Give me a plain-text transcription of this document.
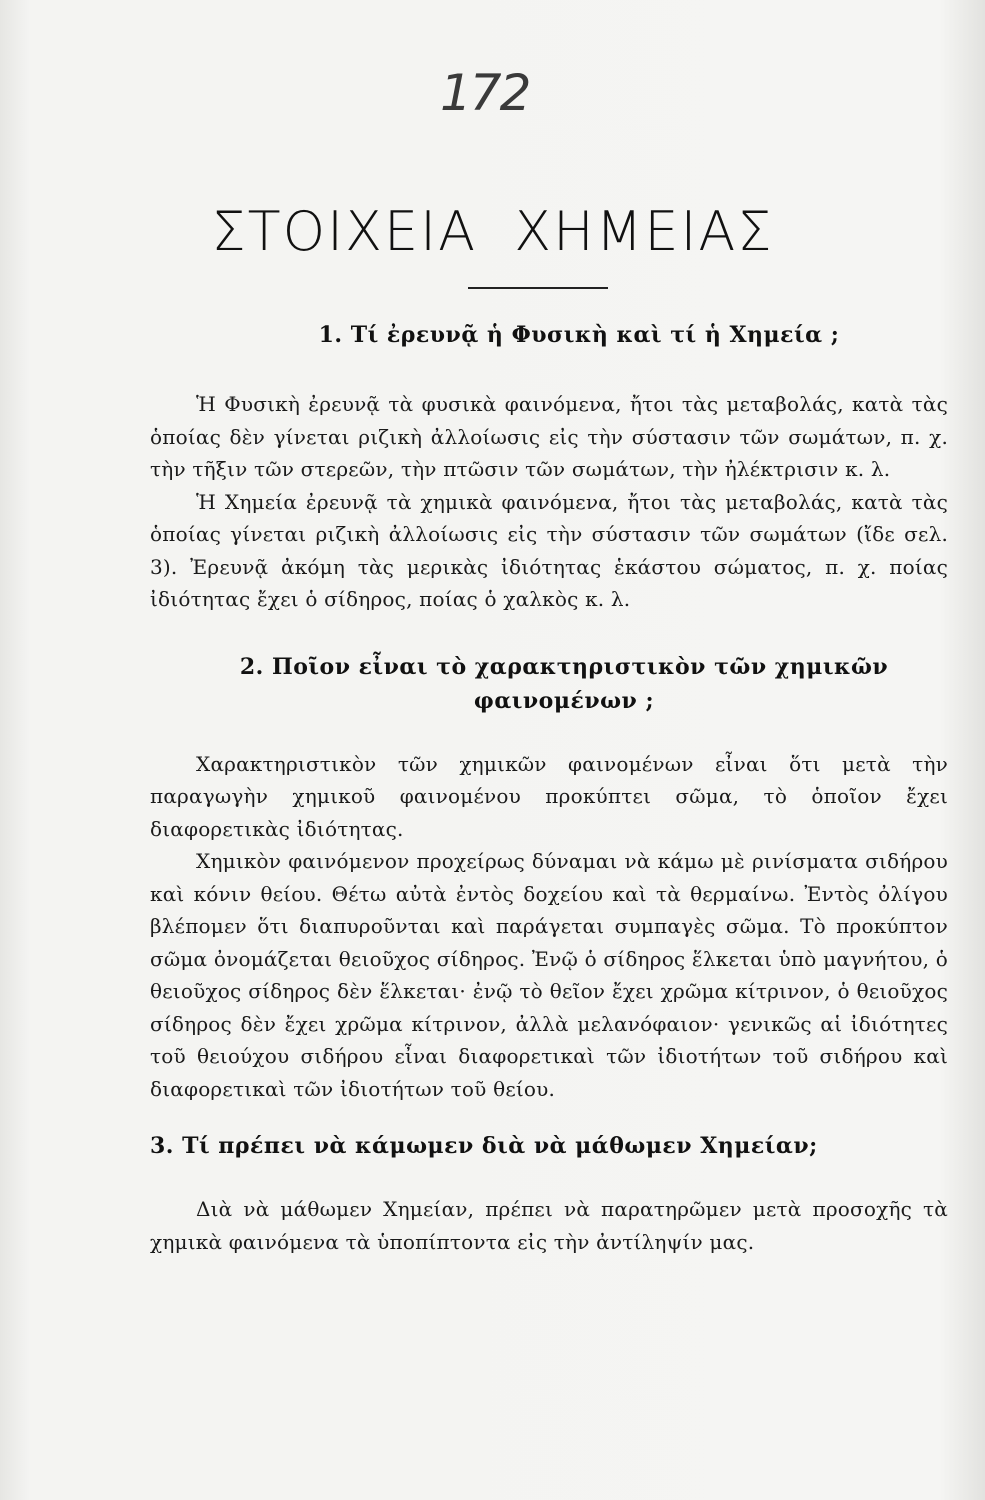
172
ΣΤΟΙΧΕΙΑ ΧΗΜΕΙΑΣ
1. Τί ἐρευνᾷ ἡ Φυσικὴ καὶ τί ἡ Χημεία ;

Ἡ Φυσικὴ ἐρευνᾷ τὰ φυσικὰ φαινόμενα, ἤτοι τὰς μεταβολάς, κατὰ τὰς ὁποίας δὲν γίνεται ριζικὴ ἀλλοίωσις εἰς τὴν σύστασιν τῶν σωμάτων, π. χ. τὴν τῆξιν τῶν στερεῶν, τὴν πτῶσιν τῶν σωμάτων, τὴν ἠλέκτρισιν κ. λ.

Ἡ Χημεία ἐρευνᾷ τὰ χημικὰ φαινόμενα, ἤτοι τὰς μεταβολάς, κατὰ τὰς ὁποίας γίνεται ριζικὴ ἀλλοίωσις εἰς τὴν σύστασιν τῶν σωμάτων (ἴδε σελ. 3). Ἐρευνᾷ ἀκόμη τὰς μερικὰς ἰδιότητας ἑκάστου σώματος, π. χ. ποίας ἰδιότητας ἔχει ὁ σίδηρος, ποίας ὁ χαλκὸς κ. λ.

2. Ποῖον εἶναι τὸ χαρακτηριστικὸν τῶν χημικῶν φαινομένων ;

Χαρακτηριστικὸν τῶν χημικῶν φαινομένων εἶναι ὅτι μετὰ τὴν παραγωγὴν χημικοῦ φαινομένου προκύπτει σῶμα, τὸ ὁποῖον ἔχει διαφορετικὰς ἰδιότητας.

Χημικὸν φαινόμενον προχείρως δύναμαι νὰ κάμω μὲ ρινίσματα σιδήρου καὶ κόνιν θείου. Θέτω αὐτὰ ἐντὸς δοχείου καὶ τὰ θερμαίνω. Ἐντὸς ὀλίγου βλέπομεν ὅτι διαπυροῦνται καὶ παράγεται συμπαγὲς σῶμα. Τὸ προκύπτον σῶμα ὀνομάζεται θειοῦχος σίδηρος. Ἐνῷ ὁ σίδηρος ἕλκεται ὑπὸ μαγνήτου, ὁ θειοῦχος σίδηρος δὲν ἕλκεται· ἐνῷ τὸ θεῖον ἔχει χρῶμα κίτρινον, ὁ θειοῦχος σίδηρος δὲν ἔχει χρῶμα κίτρινον, ἀλλὰ μελανόφαιον· γενικῶς αἱ ἰδιότητες τοῦ θειούχου σιδήρου εἶναι διαφορετικαὶ τῶν ἰδιοτήτων τοῦ σιδήρου καὶ διαφορετικαὶ τῶν ἰδιοτήτων τοῦ θείου.

3. Τί πρέπει νὰ κάμωμεν διὰ νὰ μάθωμεν Χημείαν;

Διὰ νὰ μάθωμεν Χημείαν, πρέπει νὰ παρατηρῶμεν μετὰ προσοχῆς τὰ χημικὰ φαινόμενα τὰ ὑποπίπτοντα εἰς τὴν ἀντίληψίν μας.
